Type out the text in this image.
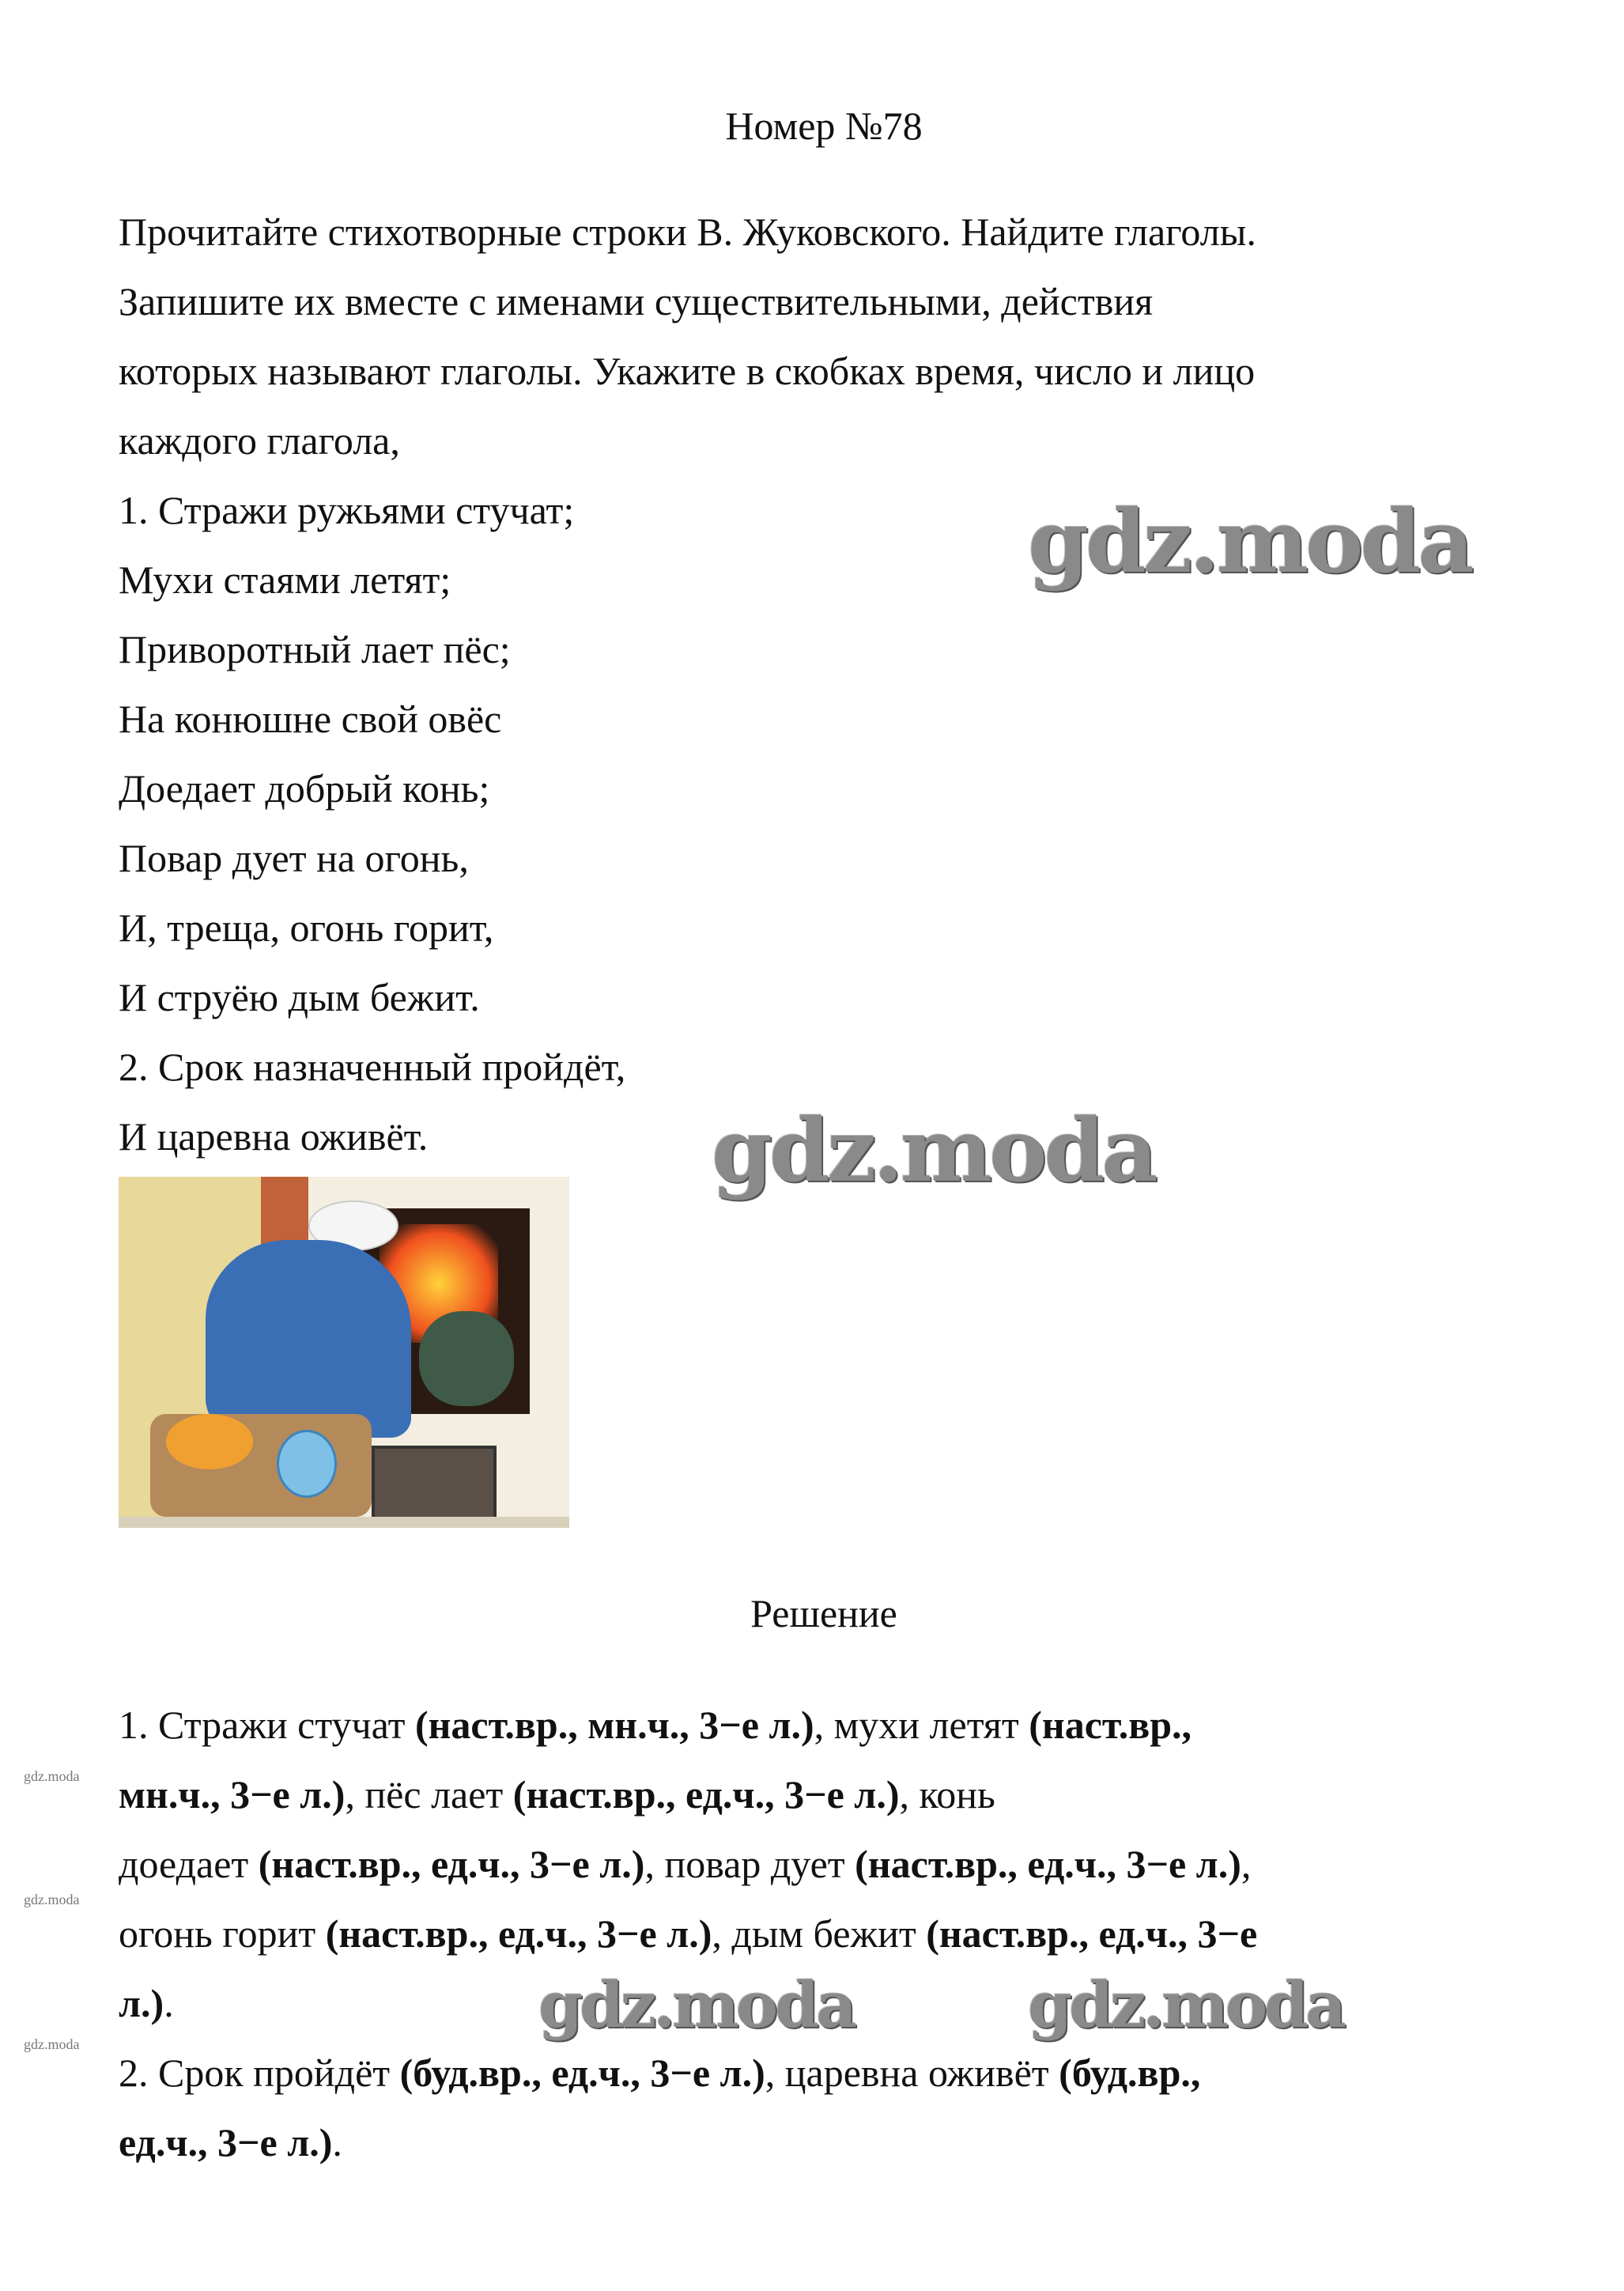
Номер №78
Прочитайте стихотворные строки В. Жуковского. Найдите глаголы.
Запишите их вместе с именами существительными, действия
которых называют глаголы. Укажите в скобках время, число и лицо
каждого глагола,
1. Стражи ружьями стучат;
Мухи стаями летят;
Приворотный лает пёс;
На конюшне свой овёс
Доедает добрый конь;
Повар дует на огонь,
И, треща, огонь горит,
И струёю дым бежит.
2. Срок назначенный пройдёт,
И царевна оживёт.
Решение
1. Стражи стучат (наст.вр., мн.ч., 3−е л.), мухи летят (наст.вр.,
мн.ч., 3−е л.), пёс лает (наст.вр., ед.ч., 3−е л.), конь
доедает (наст.вр., ед.ч., 3−е л.), повар дует (наст.вр., ед.ч., 3−е л.),
огонь горит (наст.вр., ед.ч., 3−е л.), дым бежит (наст.вр., ед.ч., 3−е
л.).
2. Срок пройдёт (буд.вр., ед.ч., 3−е л.), царевна оживёт (буд.вр.,
ед.ч., 3−е л.).
gdz.moda
gdz.moda
gdz.moda
gdz.moda
gdz.moda
gdz.moda
gdz.moda
